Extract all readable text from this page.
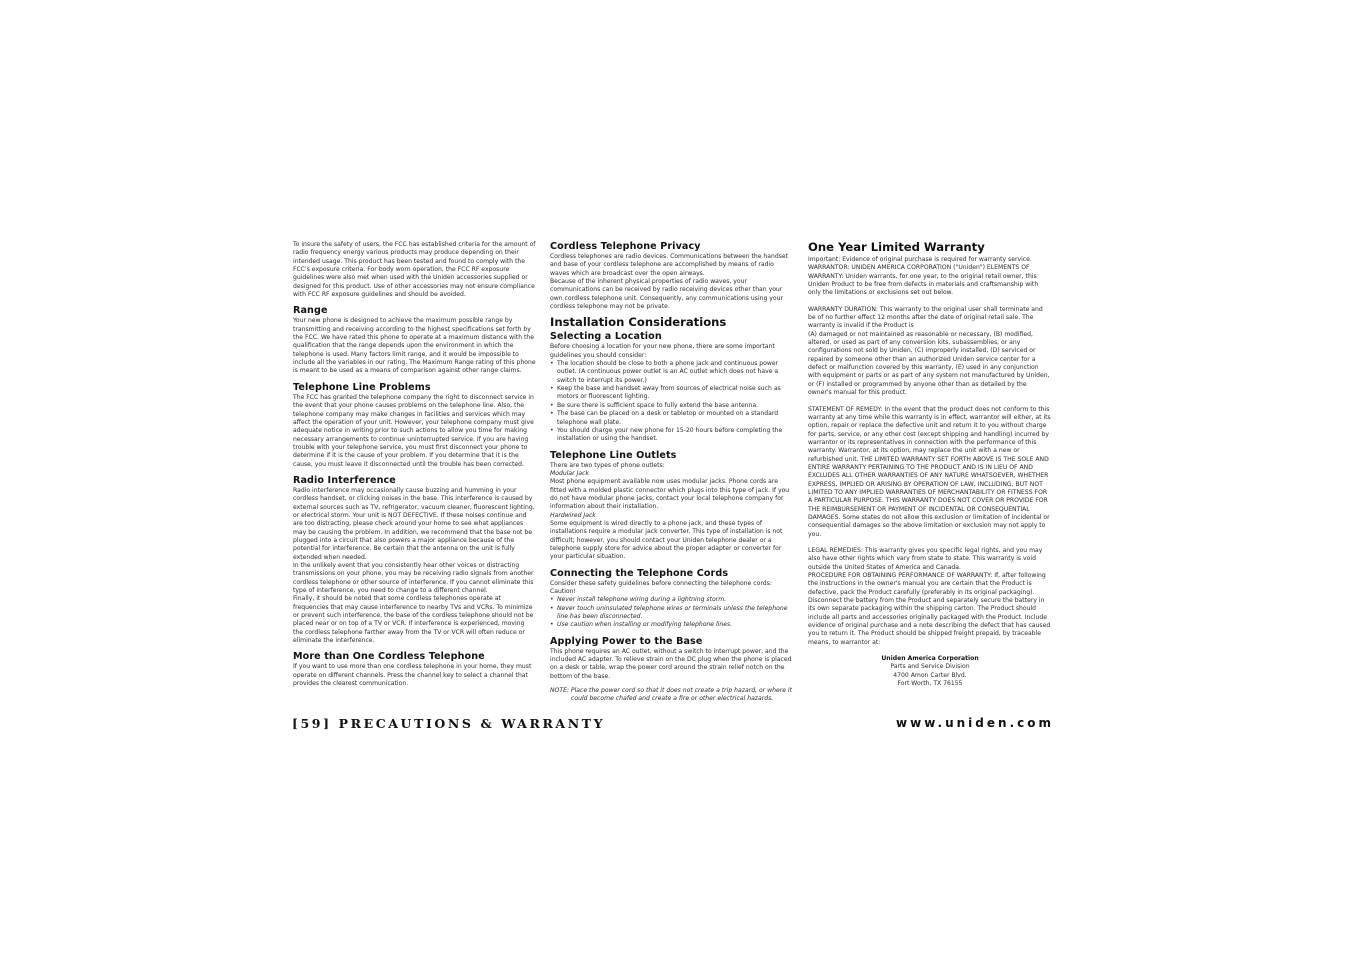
To insure the safety of users, the FCC has established criteria for the amount of radio frequency energy various products may produce depending on their intended usage. This product has been tested and found to comply with the FCC's exposure criteria. For body worn operation, the FCC RF exposure guidelines were also met when used with the Uniden accessories supplied or designed for this product. Use of other accessories may not ensure compliance with FCC RF exposure guidelines and should be avoided.

Range

Your new phone is designed to achieve the maximum possible range by transmitting and receiving according to the highest specifications set forth by the FCC. We have rated this phone to operate at a maximum distance with the qualification that the range depends upon the environment in which the telephone is used. Many factors limit range, and it would be impossible to include all the variables in our rating. The Maximum Range rating of this phone is meant to be used as a means of comparison against other range claims.

Telephone Line Problems

The FCC has granted the telephone company the right to disconnect service in the event that your phone causes problems on the telephone line. Also, the telephone company may make changes in facilities and services which may affect the operation of your unit. However, your telephone company must give adequate notice in writing prior to such actions to allow you time for making necessary arrangements to continue uninterrupted service. If you are having trouble with your telephone service, you must first disconnect your phone to determine if it is the cause of your problem. If you determine that it is the cause, you must leave it disconnected until the trouble has been corrected.

Radio Interference

Radio interference may occasionally cause buzzing and humming in your cordless handset, or clicking noises in the base. This interference is caused by external sources such as TV, refrigerator, vacuum cleaner, fluorescent lighting, or electrical storm. Your unit is NOT DEFECTIVE. If these noises continue and are too distracting, please check around your home to see what appliances may be causing the problem. In addition, we recommend that the base not be plugged into a circuit that also powers a major appliance because of the potential for interference. Be certain that the antenna on the unit is fully extended when needed.

In the unlikely event that you consistently hear other voices or distracting transmissions on your phone, you may be receiving radio signals from another cordless telephone or other source of interference. If you cannot eliminate this type of interference, you need to change to a different channel.

Finally, it should be noted that some cordless telephones operate at frequencies that may cause interference to nearby TVs and VCRs. To minimize or prevent such interference, the base of the cordless telephone should not be placed near or on top of a TV or VCR. If interference is experienced, moving the cordless telephone farther away from the TV or VCR will often reduce or eliminate the interference.

More than One Cordless Telephone

If you want to use more than one cordless telephone in your home, they must operate on different channels. Press the channel key to select a channel that provides the clearest communication.

Cordless Telephone Privacy

Cordless telephones are radio devices. Communications between the handset and base of your cordless telephone are accomplished by means of radio waves which are broadcast over the open airways.

Because of the inherent physical properties of radio waves, your communications can be received by radio receiving devices other than your own cordless telephone unit. Consequently, any communications using your cordless telephone may not be private.

Installation Considerations
Selecting a Location

Before choosing a location for your new phone, there are some important guidelines you should consider:

• The location should be close to both a phone jack and continuous power outlet. (A continuous power outlet is an AC outlet which does not have a switch to interrupt its power.)
• Keep the base and handset away from sources of electrical noise such as motors or fluorescent lighting.
• Be sure there is sufficient space to fully extend the base antenna.
• The base can be placed on a desk or tabletop or mounted on a standard telephone wall plate.
• You should charge your new phone for 15-20 hours before completing the installation or using the handset.
Telephone Line Outlets

There are two types of phone outlets:

Modular Jack

Most phone equipment available now uses modular jacks. Phone cords are fitted with a molded plastic connector which plugs into this type of jack. If you do not have modular phone jacks, contact your local telephone company for information about their installation.

Hardwired Jack

Some equipment is wired directly to a phone jack, and these types of installations require a modular jack converter. This type of installation is not difficult; however, you should contact your Uniden telephone dealer or a telephone supply store for advice about the proper adapter or converter for your particular situation.

Connecting the Telephone Cords

Consider these safety guidelines before connecting the telephone cords:

Caution!

• Never install telephone wiring during a lightning storm.
• Never touch uninsulated telephone wires or terminals unless the telephone line has been disconnected.
• Use caution when installing or modifying telephone lines.
Applying Power to the Base

This phone requires an AC outlet, without a switch to interrupt power, and the included AC adapter. To relieve strain on the DC plug when the phone is placed on a desk or table, wrap the power cord around the strain relief notch on the bottom of the base.

NOTE: Place the power cord so that it does not create a trip hazard, or where it could become chafed and create a fire or other electrical hazards.

One Year Limited Warranty

Important: Evidence of original purchase is required for warranty service.

WARRANTOR: UNIDEN AMERICA CORPORATION ("Uniden") ELEMENTS OF WARRANTY: Uniden warrants, for one year, to the original retail owner, this Uniden Product to be free from defects in materials and craftsmanship with only the limitations or exclusions set out below.

WARRANTY DURATION: This warranty to the original user shall terminate and be of no further effect 12 months after the date of original retail sale. The warranty is invalid if the Product is

(A) damaged or not maintained as reasonable or necessary, (B) modified, altered, or used as part of any conversion kits, subassemblies, or any configurations not sold by Uniden, (C) improperly installed, (D) serviced or repaired by someone other than an authorized Uniden service center for a defect or malfunction covered by this warranty, (E) used in any conjunction with equipment or parts or as part of any system not manufactured by Uniden, or (F) installed or programmed by anyone other than as detailed by the owner's manual for this product.

STATEMENT OF REMEDY: In the event that the product does not conform to this warranty at any time while this warranty is in effect, warrantor will either, at its option, repair or replace the defective unit and return it to you without charge for parts, service, or any other cost (except shipping and handling) incurred by warrantor or its representatives in connection with the performance of this warranty. Warrantor, at its option, may replace the unit with a new or refurbished unit. THE LIMITED WARRANTY SET FORTH ABOVE IS THE SOLE AND ENTIRE WARRANTY PERTAINING TO THE PRODUCT AND IS IN LIEU OF AND EXCLUDES ALL OTHER WARRANTIES OF ANY NATURE WHATSOEVER, WHETHER EXPRESS, IMPLIED OR ARISING BY OPERATION OF LAW, INCLUDING, BUT NOT LIMITED TO ANY IMPLIED WARRANTIES OF MERCHANTABILITY OR FITNESS FOR A PARTICULAR PURPOSE. THIS WARRANTY DOES NOT COVER OR PROVIDE FOR THE REIMBURSEMENT OR PAYMENT OF INCIDENTAL OR CONSEQUENTIAL DAMAGES. Some states do not allow this exclusion or limitation of incidental or consequential damages so the above limitation or exclusion may not apply to you.

LEGAL REMEDIES: This warranty gives you specific legal rights, and you may also have other rights which vary from state to state. This warranty is void outside the United States of America and Canada.

PROCEDURE FOR OBTAINING PERFORMANCE OF WARRANTY: If, after following the instructions in the owner's manual you are certain that the Product is defective, pack the Product carefully (preferably in its original packaging). Disconnect the battery from the Product and separately secure the battery in its own separate packaging within the shipping carton. The Product should include all parts and accessories originally packaged with the Product. Include evidence of original purchase and a note describing the defect that has caused you to return it. The Product should be shipped freight prepaid, by traceable means, to warrantor at:

Uniden America Corporation
Parts and Service Division
4700 Amon Carter Blvd.
Fort Worth, TX 76155
[59] PRECAUTIONS & WARRANTY	www.uniden.com
